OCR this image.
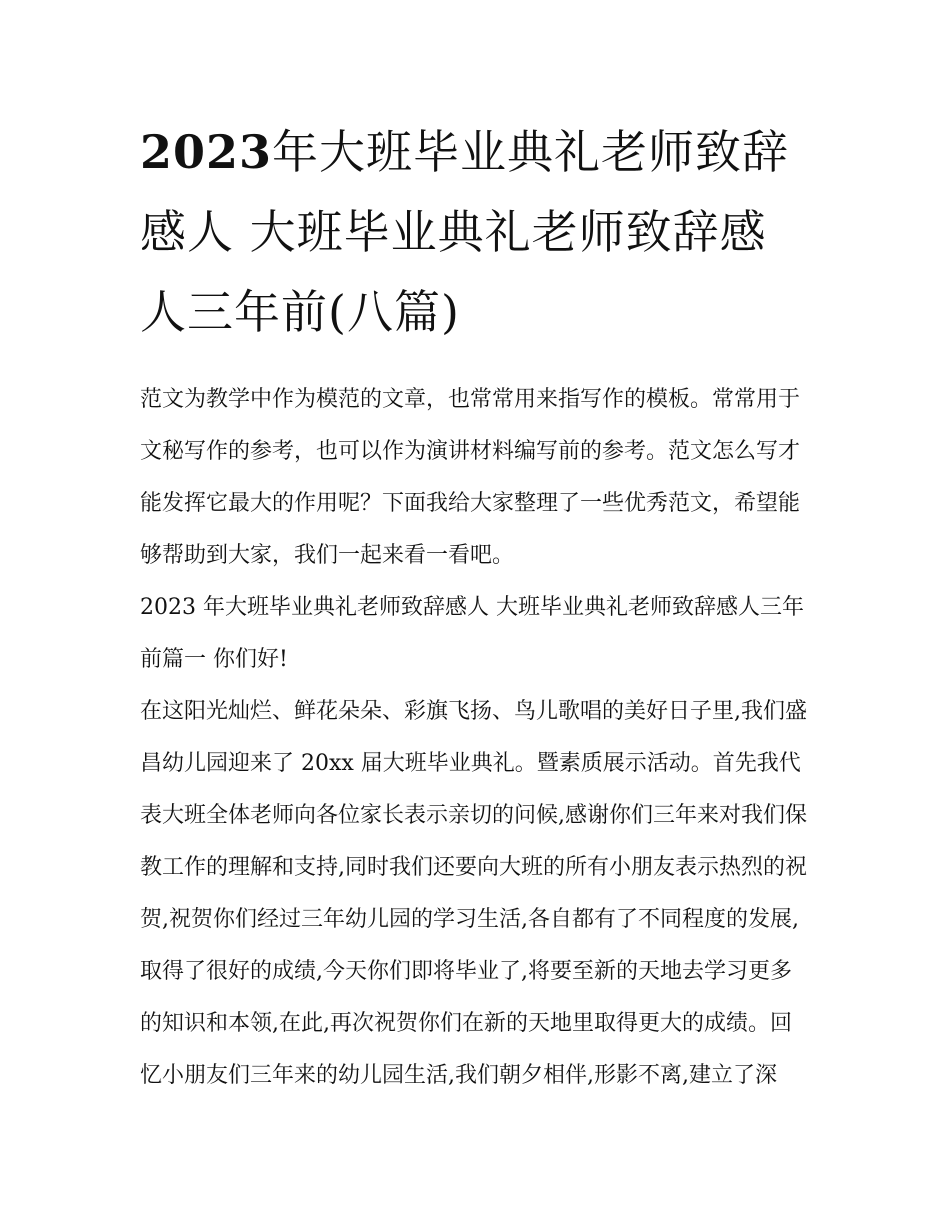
2023年大班毕业典礼老师致辞感人 大班毕业典礼老师致辞感人三年前(八篇)

范文为教学中作为模范的文章，也常常用来指写作的模板。常常用于文秘写作的参考，也可以作为演讲材料编写前的参考。范文怎么写才能发挥它最大的作用呢？下面我给大家整理了一些优秀范文，希望能够帮助到大家，我们一起来看一看吧。

2023 年大班毕业典礼老师致辞感人 大班毕业典礼老师致辞感人三年前篇一 你们好!

在这阳光灿烂、鲜花朵朵、彩旗飞扬、鸟儿歌唱的美好日子里,我们盛昌幼儿园迎来了 20xx 届大班毕业典礼。暨素质展示活动。首先我代表大班全体老师向各位家长表示亲切的问候,感谢你们三年来对我们保教工作的理解和支持,同时我们还要向大班的所有小朋友表示热烈的祝贺,祝贺你们经过三年幼儿园的学习生活,各自都有了不同程度的发展,取得了很好的成绩,今天你们即将毕业了,将要至新的天地去学习更多的知识和本领,在此,再次祝贺你们在新的天地里取得更大的成绩。回忆小朋友们三年来的幼儿园生活,我们朝夕相伴,形影不离,建立了深
